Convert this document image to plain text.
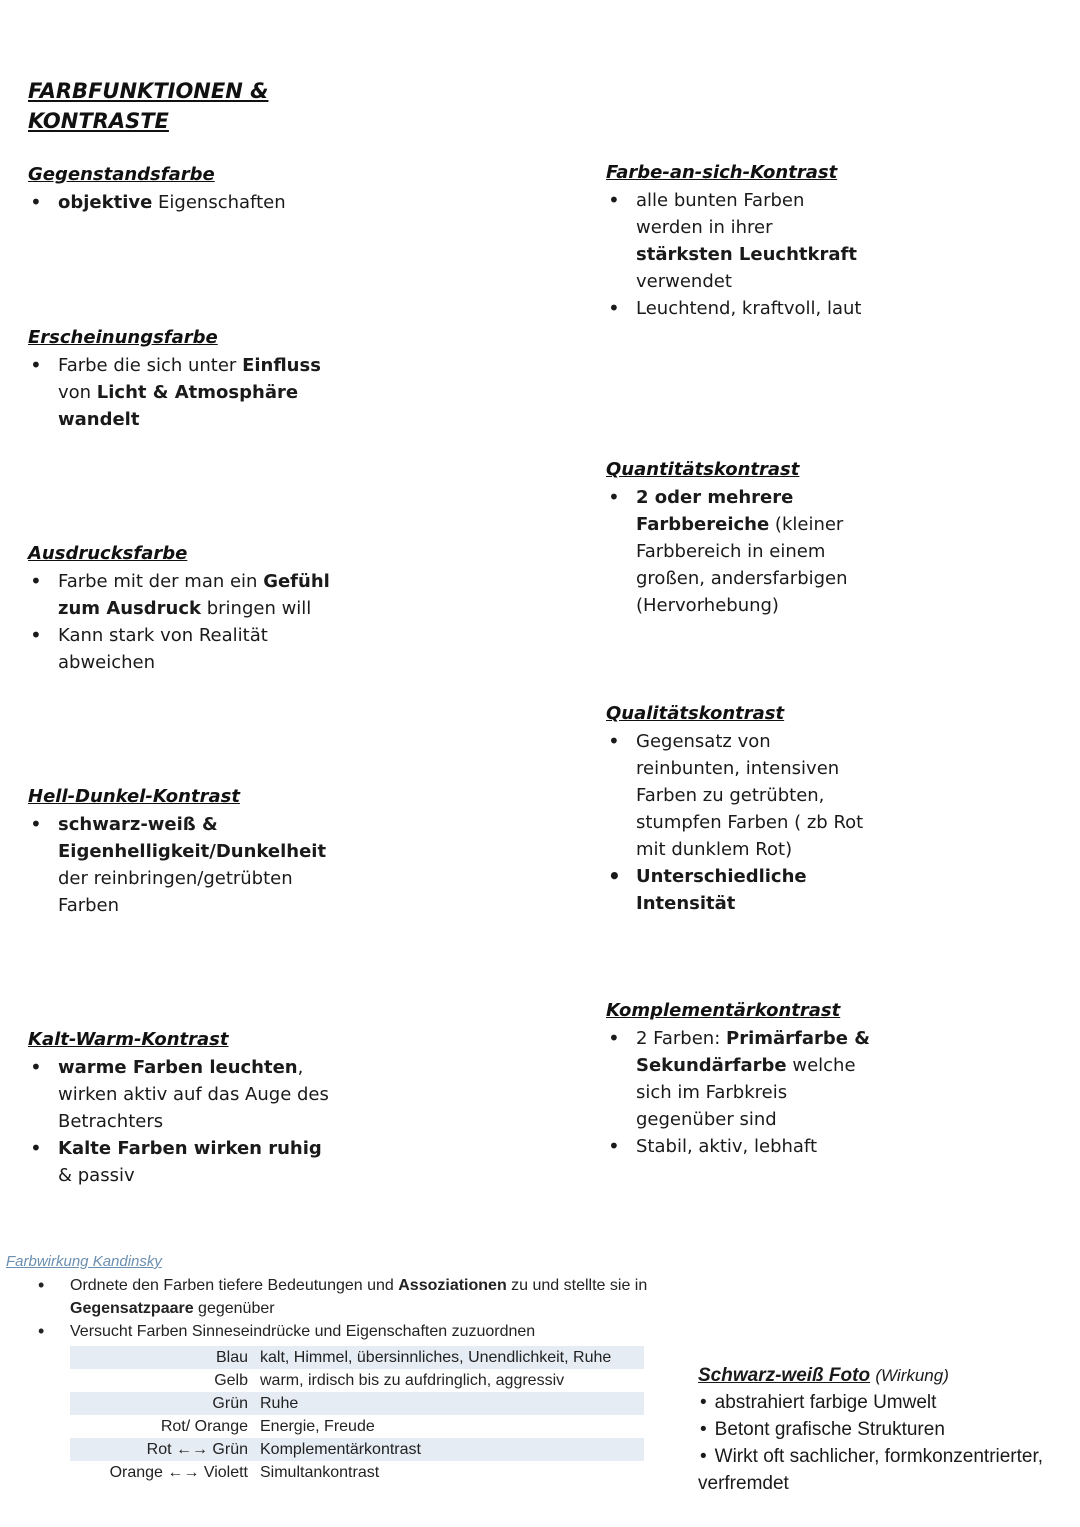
FARBFUNKTIONEN & KONTRASTE
Gegenstandsfarbe
• objektive Eigenschaften
Erscheinungsfarbe
• Farbe die sich unter Einfluss von Licht & Atmosphäre wandelt
Ausdrucksfarbe
• Farbe mit der man ein Gefühl zum Ausdruck bringen will
• Kann stark von Realität abweichen
Hell-Dunkel-Kontrast
• schwarz-weiß & Eigenhelligkeit/Dunkelheit der reinbringen/getrübten Farben
Kalt-Warm-Kontrast
• warme Farben leuchten, wirken aktiv auf das Auge des Betrachters
• Kalte Farben wirken ruhig & passiv
Farbe-an-sich-Kontrast
• alle bunten Farben werden in ihrer stärksten Leuchtkraft verwendet
• Leuchtend, kraftvoll, laut
Quantitätskontrast
• 2 oder mehrere Farbbereiche (kleiner Farbbereich in einem großen, andersfarbigen (Hervorhebung)
Qualitätskontrast
• Gegensatz von reinbunten, intensiven Farben zu getrübten, stumpfen Farben ( zb Rot mit dunklem Rot)
• Unterschiedliche Intensität
Komplementärkontrast
• 2 Farben: Primärfarbe & Sekundärfarbe welche sich im Farbkreis gegenüber sind
• Stabil, aktiv, lebhaft
Farbwirkung Kandinsky
• Ordnete den Farben tiefere Bedeutungen und Assoziationen zu und stellte sie in Gegensatzpaare gegenüber
• Versucht Farben Sinneseindrücke und Eigenschaften zuzuordnen
Blau	kalt, Himmel, übersinnliches, Unendlichkeit, Ruhe
Gelb	warm, irdisch bis zu aufdringlich, aggressiv
Grün	Ruhe
Rot/ Orange	Energie, Freude
Rot ←→ Grün	Komplementärkontrast
Orange ←→ Violett	Simultankontrast
Schwarz-weiß Foto (Wirkung)
• abstrahiert farbige Umwelt
• Betont grafische Strukturen
• Wirkt oft sachlicher, formkonzentrierter, verfremdet
